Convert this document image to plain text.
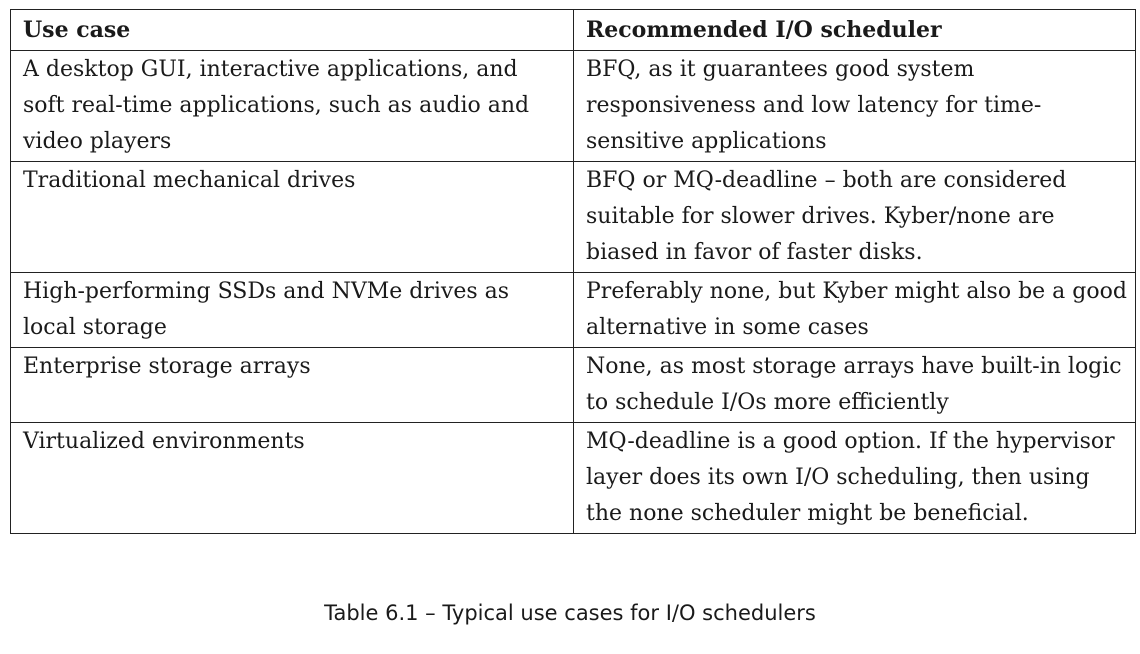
Use case	Recommended I/O scheduler
A desktop GUI, interactive applications, and soft real-time applications, such as audio and video players	BFQ, as it guarantees good system responsiveness and low latency for time-sensitive applications
Traditional mechanical drives	BFQ or MQ-deadline – both are considered suitable for slower drives. Kyber/none are biased in favor of faster disks.
High-performing SSDs and NVMe drives as local storage	Preferably none, but Kyber might also be a good alternative in some cases
Enterprise storage arrays	None, as most storage arrays have built-in logic to schedule I/Os more efficiently
Virtualized environments	MQ-deadline is a good option. If the hypervisor layer does its own I/O scheduling, then using the none scheduler might be beneficial.
Table 6.1 – Typical use cases for I/O schedulers
